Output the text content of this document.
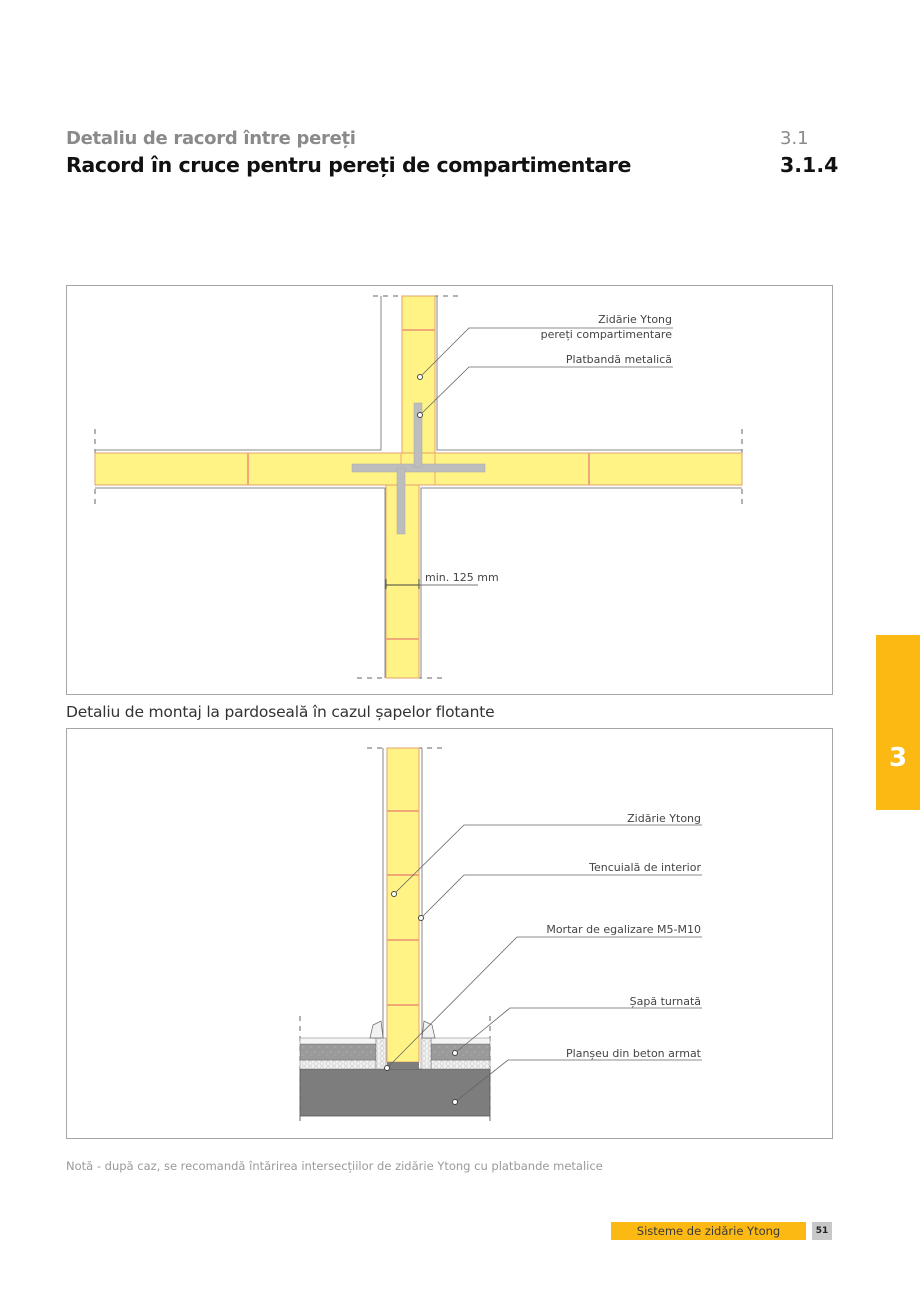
Detaliu de racord între pereți	3.1
Racord în cruce pentru pereți de compartimentare	3.1.4
Zidărie Ytong
pereți compartimentare
Platbandă metalică
min. 125 mm
Detaliu de montaj la pardoseală în cazul șapelor flotante
Zidărie Ytong
Tencuială de interior
Mortar de egalizare M5-M10
Șapă turnată
Planșeu din beton armat
Notă - după caz, se recomandă întărirea intersecțiilor de zidărie Ytong cu platbande metalice
3
Sisteme de zidărie Ytong	51
